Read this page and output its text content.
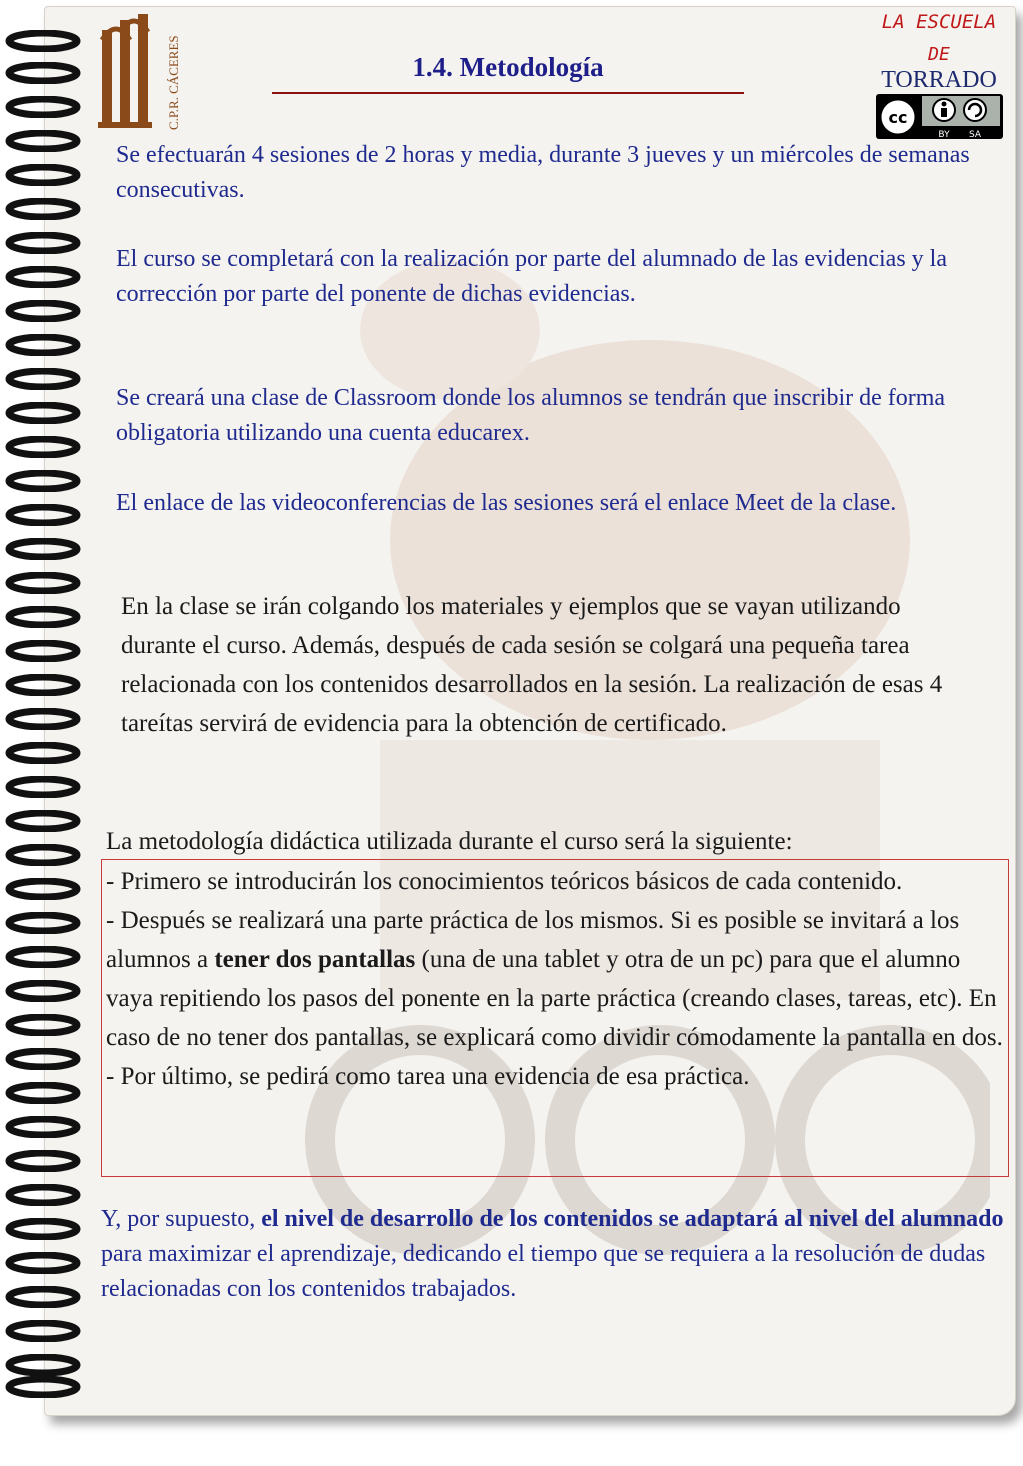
C.P.R. CÁCERES
LA ESCUELA
DE
TORRADO
cc
BY SA
1.4. Metodología

Se efectuarán 4 sesiones de 2 horas y media, durante 3 jueves y un miércoles de semanas consecutivas.

El curso se completará con la realización por parte del alumnado de las evidencias y la corrección por parte del ponente de dichas evidencias.

Se creará una clase de Classroom donde los alumnos se tendrán que inscribir de forma obligatoria utilizando una cuenta educarex.

El enlace de las videoconferencias de las sesiones será el enlace Meet de la clase.

En la clase se irán colgando los materiales y ejemplos que se vayan utilizando durante el curso. Además, después de cada sesión se colgará una pequeña tarea relacionada con los contenidos desarrollados en la sesión. La realización de esas 4 tareítas servirá de evidencia para la obtención de certificado.

La metodología didáctica utilizada durante el curso será la siguiente:

- Primero se introducirán los conocimientos teóricos básicos de cada contenido.
- Después se realizará una parte práctica de los mismos. Si es posible se invitará a los alumnos a tener dos pantallas (una de una tablet y otra de un pc) para que el alumno vaya repitiendo los pasos del ponente en la parte práctica (creando clases, tareas, etc). En caso de no tener dos pantallas, se explicará como dividir cómodamente la pantalla en dos.
- Por último, se pedirá como tarea una evidencia de esa práctica.

Y, por supuesto, el nivel de desarrollo de los contenidos se adaptará al nivel del alumnado para maximizar el aprendizaje, dedicando el tiempo que se requiera a la resolución de dudas relacionadas con los contenidos trabajados.
